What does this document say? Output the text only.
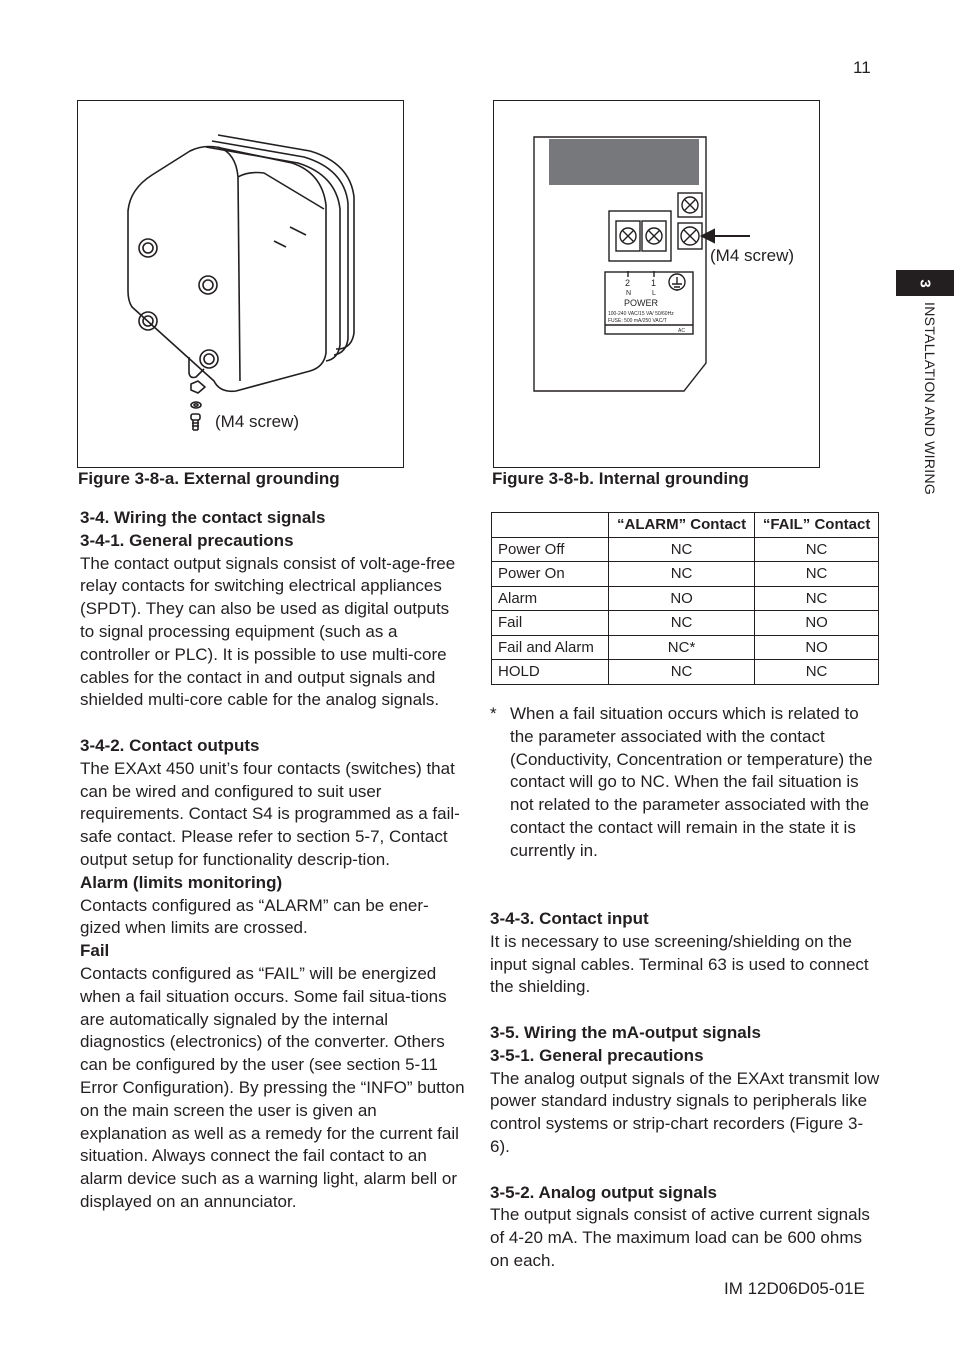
11
3
INSTALLATION AND WIRING
(M4 screw)
Figure 3-8-a. External grounding
2 1
N	L
POWER
100-240 VAC/15 VA/ 50/60Hz
FUSE: 500 mA/250 VAC/T
AC
(M4 screw)
Figure 3-8-b. Internal grounding
3-4. Wiring the contact signals
3-4-1. General precautions

The contact output signals consist of volt-age-free relay contacts for switching electrical appliances (SPDT). They can also be used as digital outputs to signal processing equipment (such as a controller or PLC). It is possible to use multi-core cables for the contact in and output signals and shielded multi-core cable for the analog signals.

3-4-2. Contact outputs

The EXAxt 450 unit’s four contacts (switches) that can be wired and configured to suit user requirements. Contact S4 is programmed as a fail-safe contact. Please refer to section 5-7, Contact output setup for functionality descrip-tion.

Alarm (limits monitoring)

Contacts configured as “ALARM” can be ener-gized when limits are crossed.

Fail

Contacts configured as “FAIL” will be energized when a fail situation occurs. Some fail situa-tions are automatically signaled by the internal diagnostics (electronics) of the converter. Others can be configured by the user (see section 5-11 Error Configuration). By pressing the “INFO” button on the main screen the user is given an explanation as well as a remedy for the current fail situation. Always connect the fail contact to an alarm device such as a warning light, alarm bell or displayed on an annunciator.

	“ALARM” Contact	“FAIL” Contact
Power Off	NC	NC
Power On	NC	NC
Alarm	NO	NC
Fail	NC	NO
Fail and Alarm	NC*	NO
HOLD	NC	NC
* When a fail situation occurs which is related to the parameter associated with the contact (Conductivity, Concentration or temperature) the contact will go to NC. When the fail situation is not related to the parameter associated with the contact the contact will remain in the state it is currently in.
3-4-3. Contact input

It is necessary to use screening/shielding on the input signal cables. Terminal 63 is used to connect the shielding.

3-5. Wiring the mA-output signals
3-5-1. General precautions

The analog output signals of the EXAxt transmit low power standard industry signals to peripherals like control systems or strip-chart recorders (Figure 3-6).

3-5-2. Analog output signals

The output signals consist of active current signals of 4-20 mA. The maximum load can be 600 ohms on each.

IM 12D06D05-01E
